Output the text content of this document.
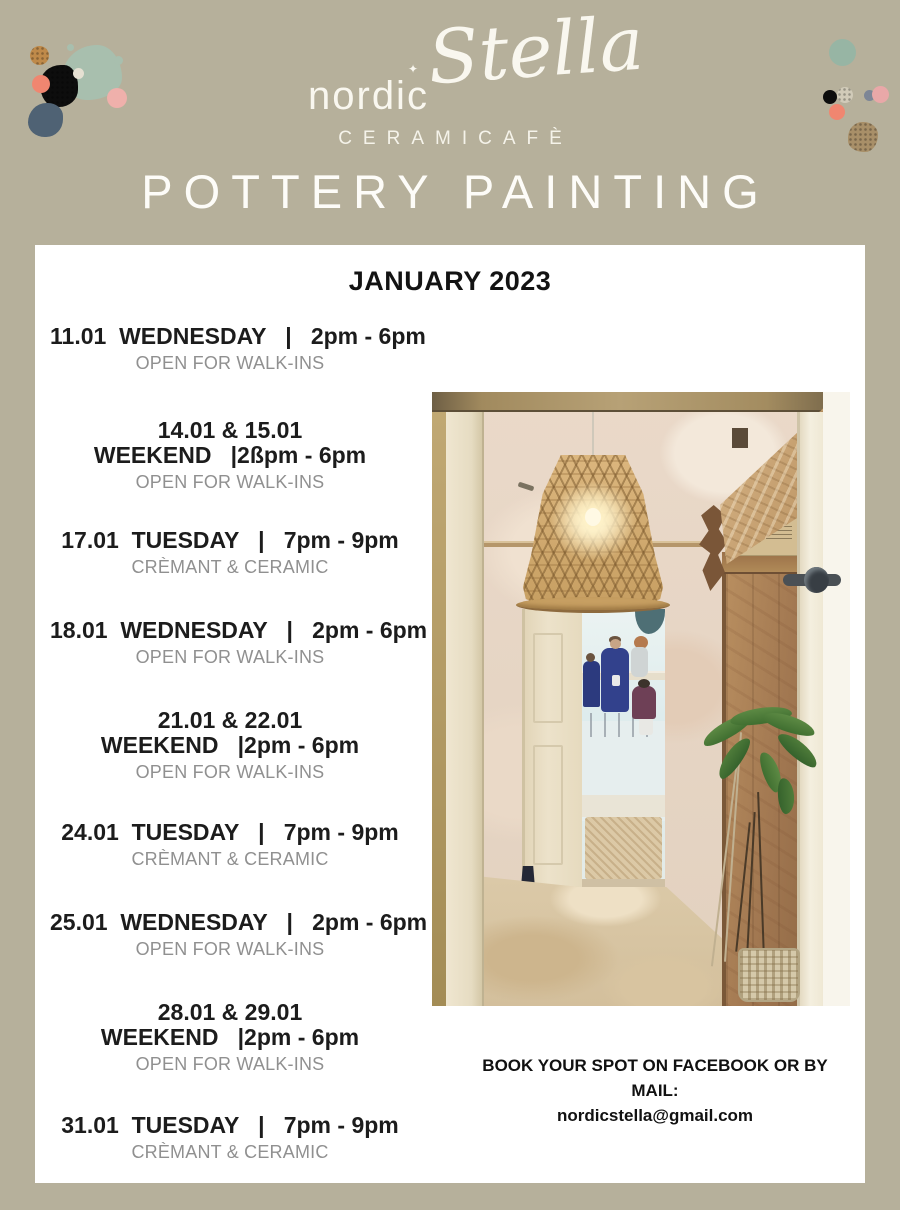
nordic
✦ Stella
CERAMICAFÈ
POTTERY PAINTING
JANUARY 2023
11.01  WEDNESDAY   |   2pm - 6pm
OPEN FOR WALK-INS
14.01 & 15.01
WEEKEND   |2ßpm - 6pm
OPEN FOR WALK-INS
17.01  TUESDAY   |   7pm - 9pm
CRÈMANT & CERAMIC
18.01  WEDNESDAY   |   2pm - 6pm
OPEN FOR WALK-INS
21.01 & 22.01
WEEKEND   |2pm - 6pm
OPEN FOR WALK-INS
24.01  TUESDAY   |   7pm - 9pm
CRÈMANT & CERAMIC
25.01  WEDNESDAY   |   2pm - 6pm
OPEN FOR WALK-INS
28.01 & 29.01
WEEKEND   |2pm - 6pm
OPEN FOR WALK-INS
31.01  TUESDAY   |   7pm - 9pm
CRÈMANT & CERAMIC
BOOK YOUR SPOT ON FACEBOOK OR BY MAIL:
nordicstella@gmail.com
